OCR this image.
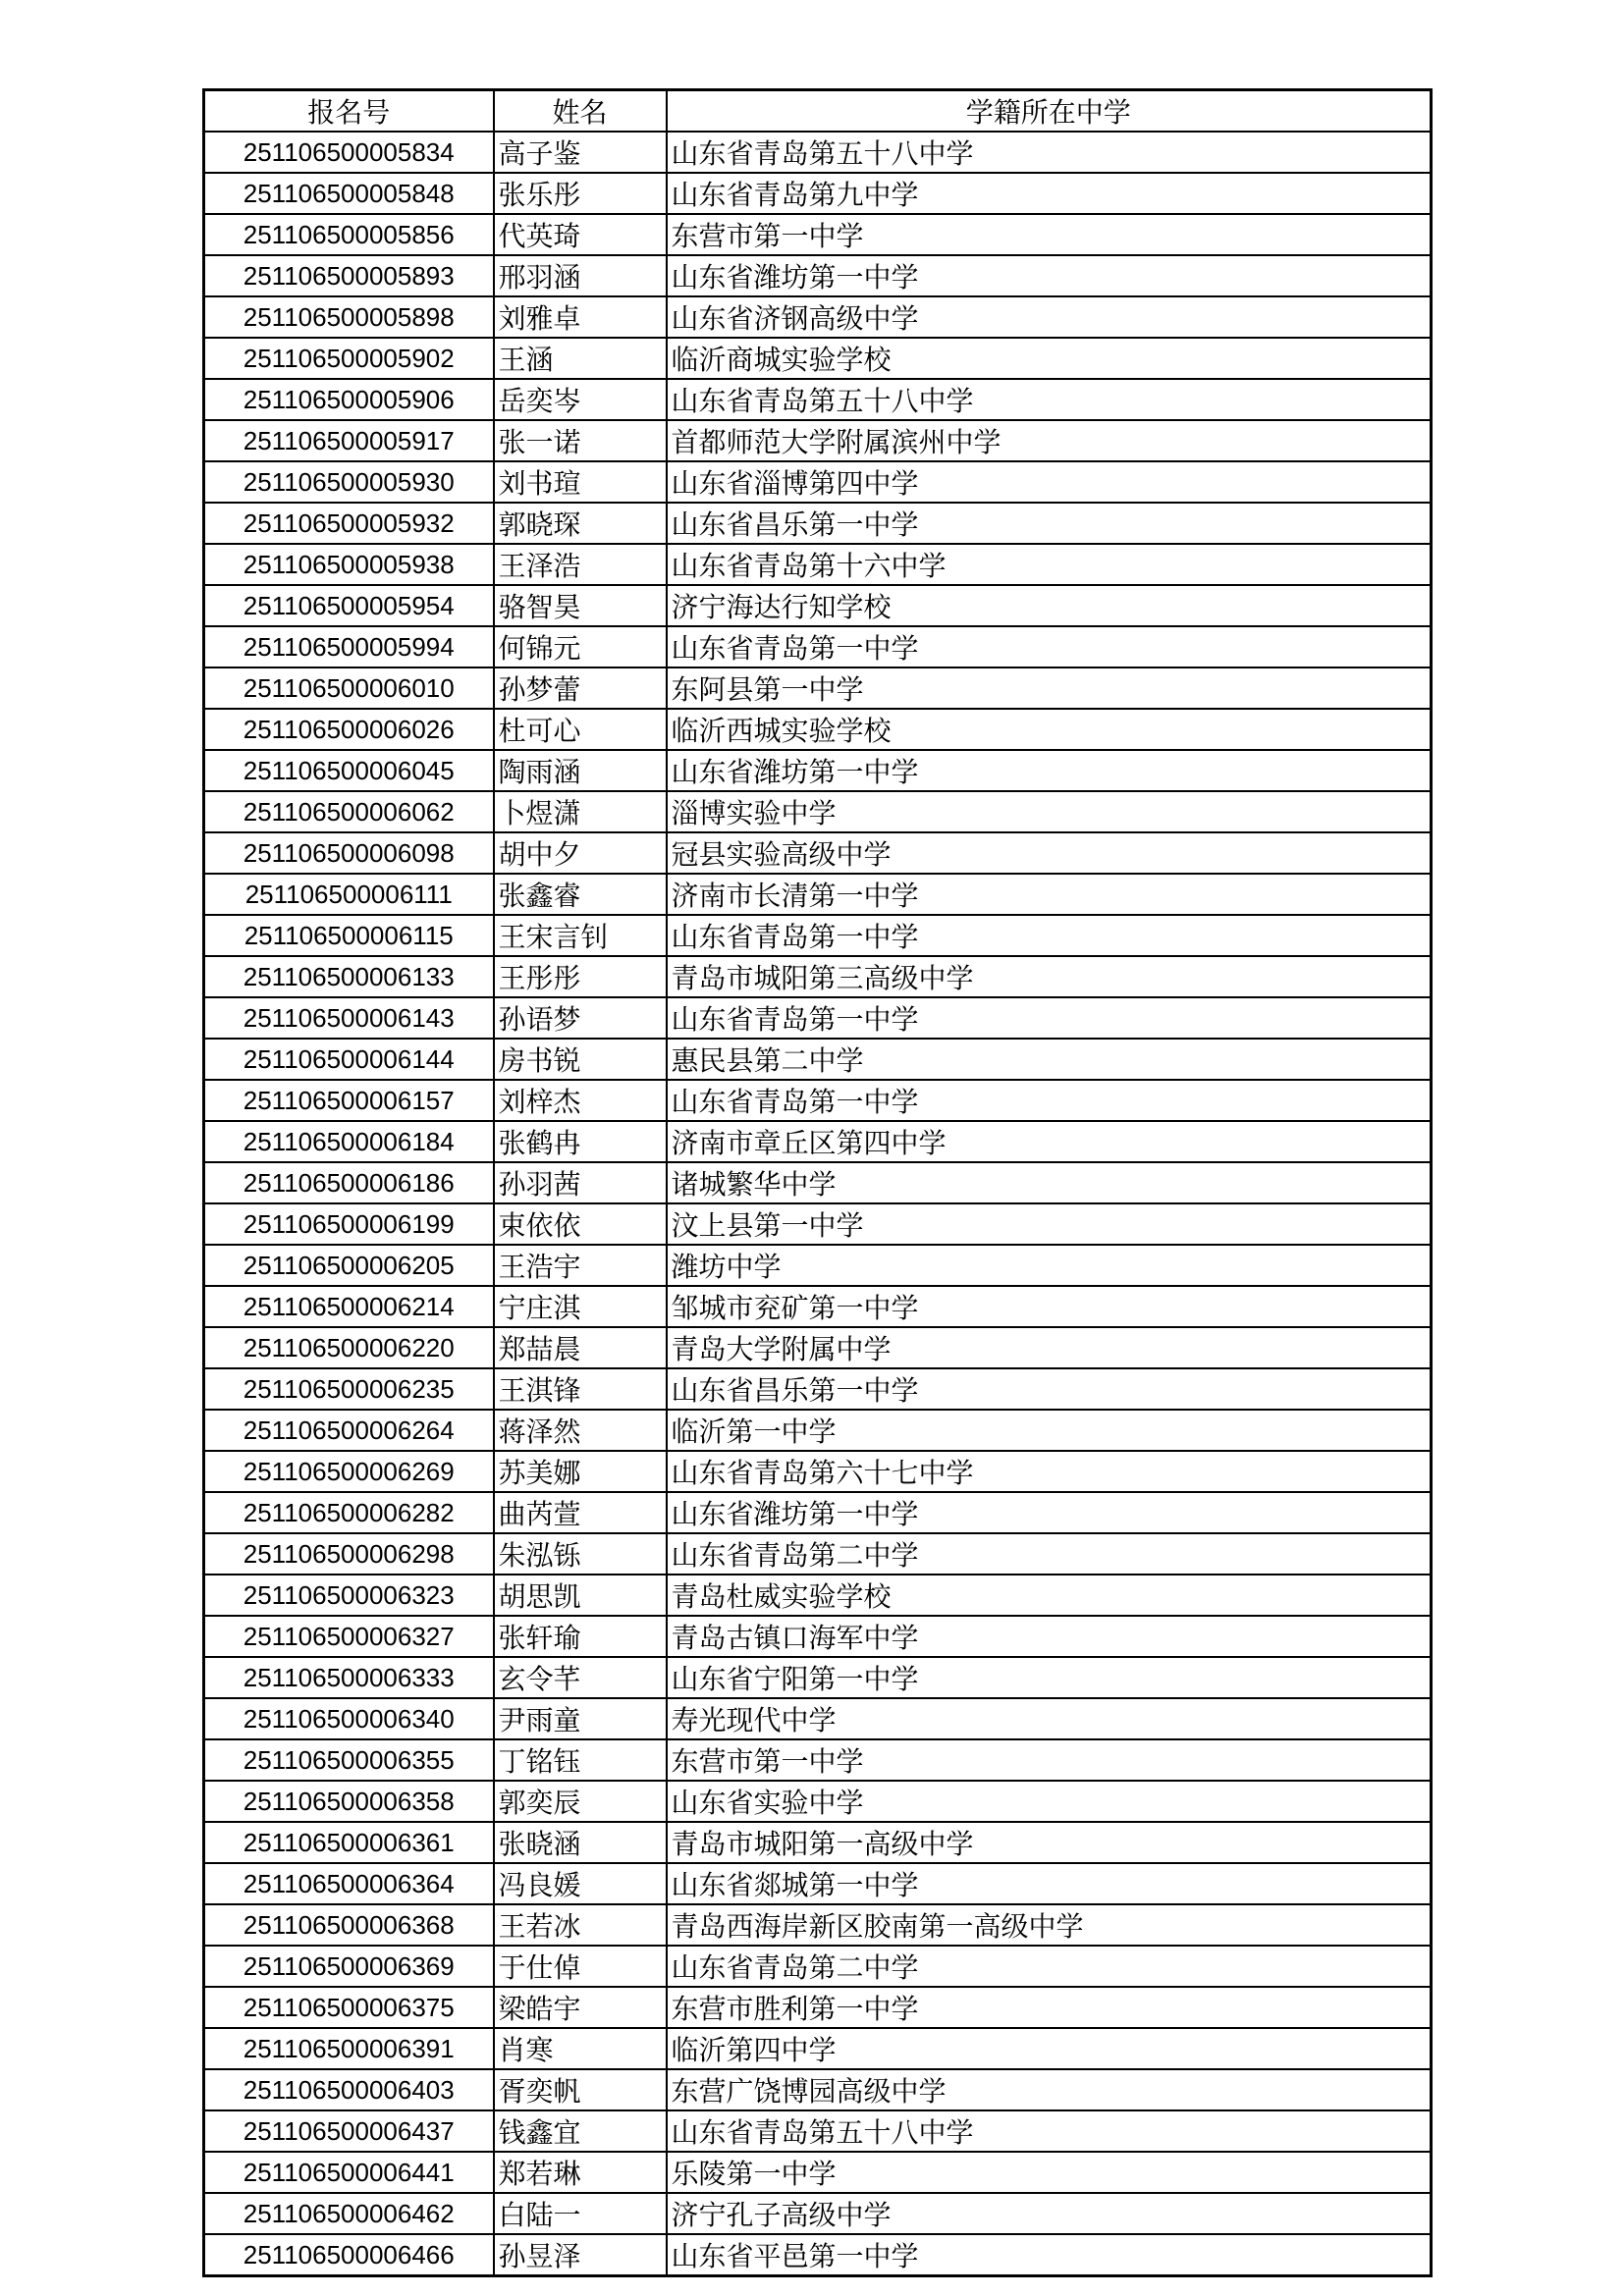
报名号	姓名	学籍所在中学
251106500005834	高子鉴	山东省青岛第五十八中学
251106500005848	张乐彤	山东省青岛第九中学
251106500005856	代英琦	东营市第一中学
251106500005893	邢羽涵	山东省潍坊第一中学
251106500005898	刘雅卓	山东省济钢高级中学
251106500005902	王涵	临沂商城实验学校
251106500005906	岳奕岑	山东省青岛第五十八中学
251106500005917	张一诺	首都师范大学附属滨州中学
251106500005930	刘书瑄	山东省淄博第四中学
251106500005932	郭晓琛	山东省昌乐第一中学
251106500005938	王泽浩	山东省青岛第十六中学
251106500005954	骆智昊	济宁海达行知学校
251106500005994	何锦元	山东省青岛第一中学
251106500006010	孙梦蕾	东阿县第一中学
251106500006026	杜可心	临沂西城实验学校
251106500006045	陶雨涵	山东省潍坊第一中学
251106500006062	卜煜潇	淄博实验中学
251106500006098	胡中夕	冠县实验高级中学
251106500006111	张鑫睿	济南市长清第一中学
251106500006115	王宋言钊	山东省青岛第一中学
251106500006133	王彤彤	青岛市城阳第三高级中学
251106500006143	孙语梦	山东省青岛第一中学
251106500006144	房书锐	惠民县第二中学
251106500006157	刘梓杰	山东省青岛第一中学
251106500006184	张鹤冉	济南市章丘区第四中学
251106500006186	孙羽茜	诸城繁华中学
251106500006199	束依依	汶上县第一中学
251106500006205	王浩宇	潍坊中学
251106500006214	宁庄淇	邹城市兖矿第一中学
251106500006220	郑喆晨	青岛大学附属中学
251106500006235	王淇锋	山东省昌乐第一中学
251106500006264	蒋泽然	临沂第一中学
251106500006269	苏美娜	山东省青岛第六十七中学
251106500006282	曲芮萱	山东省潍坊第一中学
251106500006298	朱泓铄	山东省青岛第二中学
251106500006323	胡思凯	青岛杜威实验学校
251106500006327	张轩瑜	青岛古镇口海军中学
251106500006333	玄令芊	山东省宁阳第一中学
251106500006340	尹雨童	寿光现代中学
251106500006355	丁铭钰	东营市第一中学
251106500006358	郭奕辰	山东省实验中学
251106500006361	张晓涵	青岛市城阳第一高级中学
251106500006364	冯良媛	山东省郯城第一中学
251106500006368	王若冰	青岛西海岸新区胶南第一高级中学
251106500006369	于仕倬	山东省青岛第二中学
251106500006375	梁皓宇	东营市胜利第一中学
251106500006391	肖寒	临沂第四中学
251106500006403	胥奕帆	东营广饶博园高级中学
251106500006437	钱鑫宜	山东省青岛第五十八中学
251106500006441	郑若琳	乐陵第一中学
251106500006462	白陆一	济宁孔子高级中学
251106500006466	孙昱泽	山东省平邑第一中学
